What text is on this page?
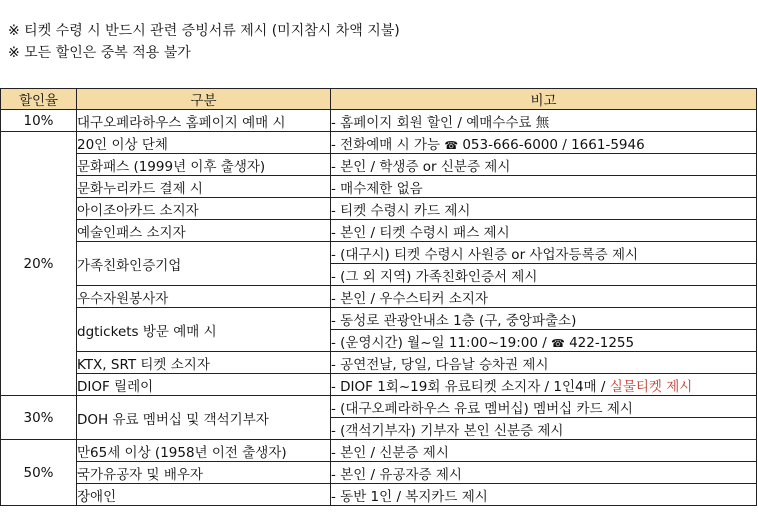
※ 티켓 수령 시 반드시 관련 증빙서류 제시 (미지참시 차액 지불)
※ 모든 할인은 중복 적용 불가
할인율	구분	비고
10%	대구오페라하우스 홈페이지 예매 시	- 홈페이지 회원 할인 / 예매수수료 無
20%	20인 이상 단체	- 전화예매 시 가능 ☎ 053-666-6000 / 1661-5946
	문화패스 (1999년 이후 출생자)	- 본인 / 학생증 or 신분증 제시
	문화누리카드 결제 시	- 매수제한 없음
	아이조아카드 소지자	- 티켓 수령시 카드 제시
	예술인패스 소지자	- 본인 / 티켓 수령시 패스 제시
	가족친화인증기업	- (대구시) 티켓 수령시 사원증 or 사업자등록증 제시
		- (그 외 지역) 가족친화인증서 제시
	우수자원봉사자	- 본인 / 우수스티커 소지자
	dgtickets 방문 예매 시	- 동성로 관광안내소 1층 (구, 중앙파출소)
		- (운영시간) 월~일 11:00~19:00 / ☎ 422-1255
	KTX, SRT 티켓 소지자	- 공연전날, 당일, 다음날 승차권 제시
	DIOF 릴레이	- DIOF 1회~19회 유료티켓 소지자 / 1인4매 / 실물티켓 제시
30%	DOH 유료 멤버십 및 객석기부자	- (대구오페라하우스 유료 멤버십) 멤버십 카드 제시
		- (객석기부자) 기부자 본인 신분증 제시
50%	만65세 이상 (1958년 이전 출생자)	- 본인 / 신분증 제시
	국가유공자 및 배우자	- 본인 / 유공자증 제시
	장애인	- 동반 1인 / 복지카드 제시
